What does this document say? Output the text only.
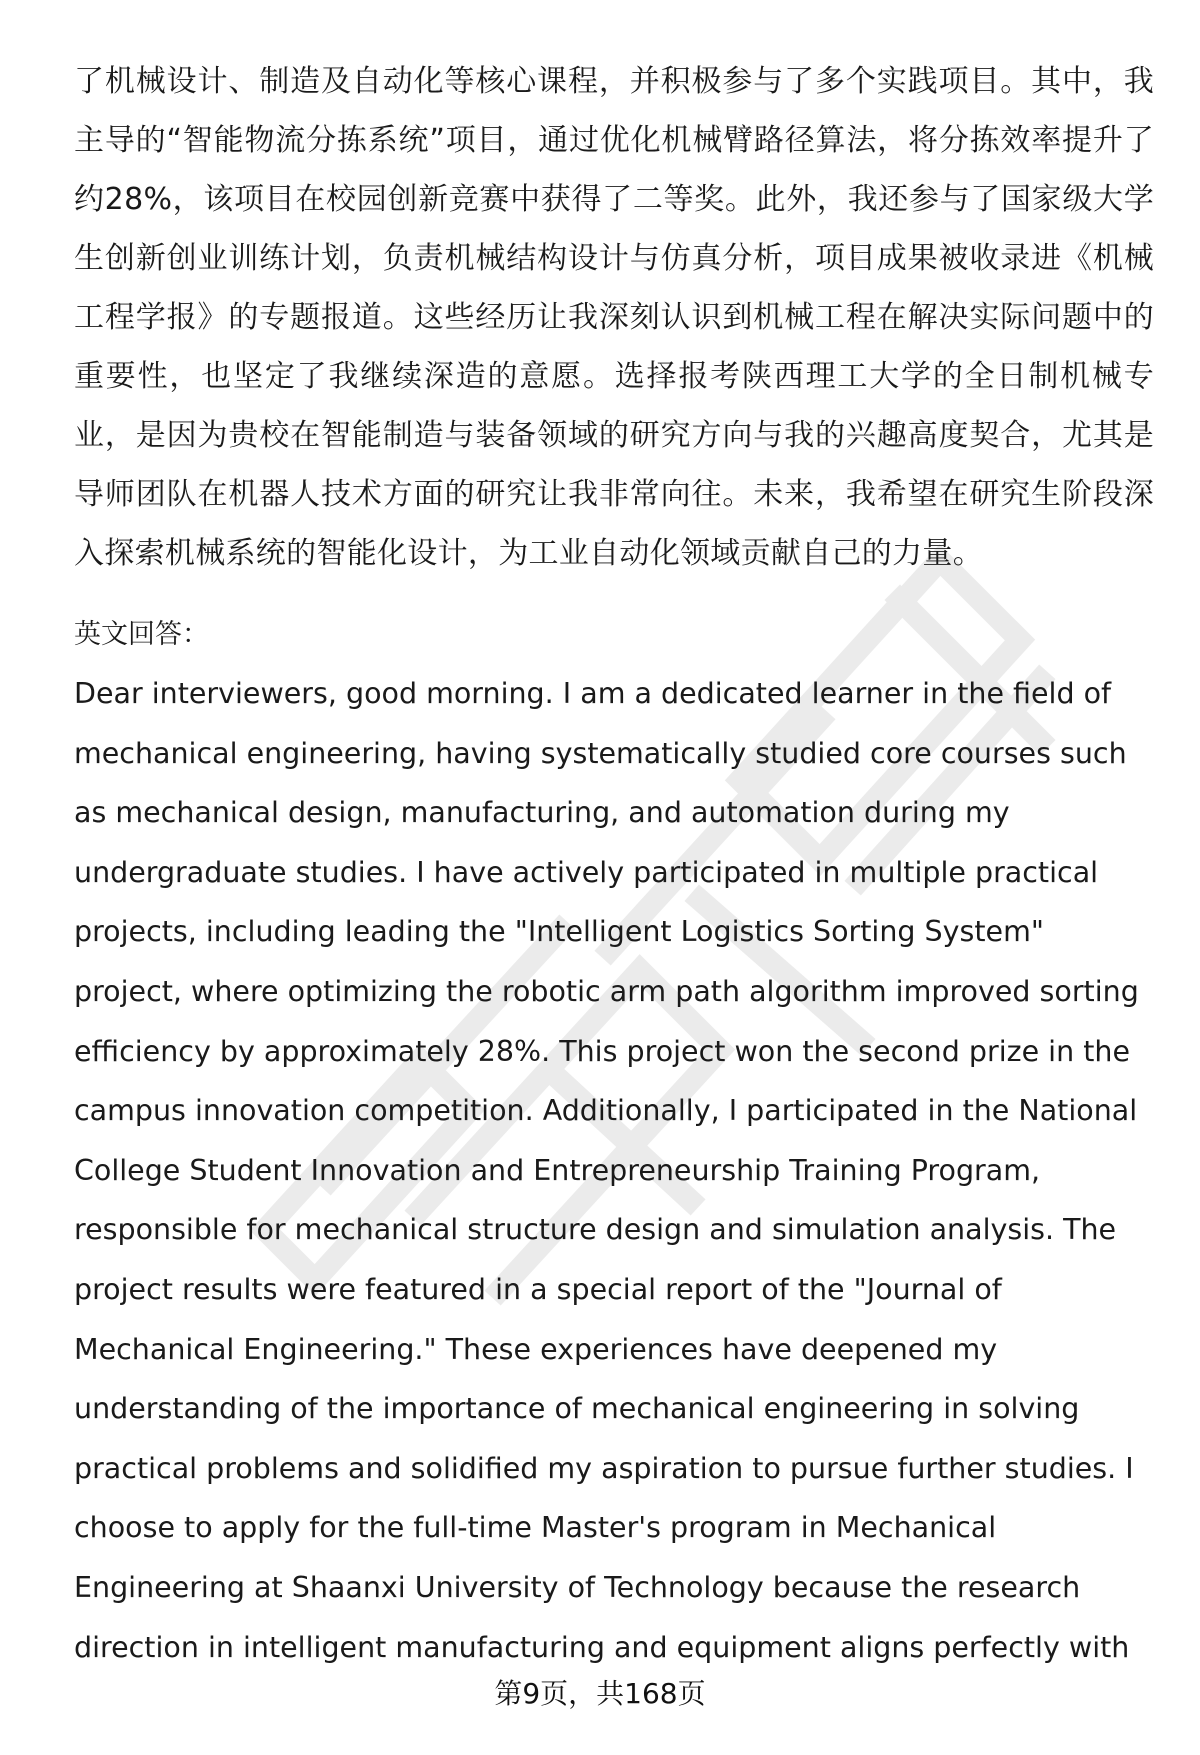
了机械设计、制造及自动化等核心课程，并积极参与了多个实践项目。其中，我主导的“智能物流分拣系统”项目，通过优化机械臂路径算法，将分拣效率提升了约28%，该项目在校园创新竞赛中获得了二等奖。此外，我还参与了国家级大学生创新创业训练计划，负责机械结构设计与仿真分析，项目成果被收录进《机械工程学报》的专题报道。这些经历让我深刻认识到机械工程在解决实际问题中的重要性，也坚定了我继续深造的意愿。选择报考陕西理工大学的全日制机械专业，是因为贵校在智能制造与装备领域的研究方向与我的兴趣高度契合，尤其是导师团队在机器人技术方面的研究让我非常向往。未来，我希望在研究生阶段深入探索机械系统的智能化设计，为工业自动化领域贡献自己的力量。

英文回答：

Dear interviewers, good morning. I am a dedicated learner in the field of mechanical engineering, having systematically studied core courses such as mechanical design, manufacturing, and automation during my undergraduate studies. I have actively participated in multiple practical projects, including leading the "Intelligent Logistics Sorting System" project, where optimizing the robotic arm path algorithm improved sorting efficiency by approximately 28%. This project won the second prize in the campus innovation competition. Additionally, I participated in the National College Student Innovation and Entrepreneurship Training Program, responsible for mechanical structure design and simulation analysis. The project results were featured in a special report of the "Journal of Mechanical Engineering." These experiences have deepened my understanding of the importance of mechanical engineering in solving practical problems and solidified my aspiration to pursue further studies. I choose to apply for the full-time Master's program in Mechanical Engineering at Shaanxi University of Technology because the research direction in intelligent manufacturing and equipment aligns perfectly with

第9页，共168页
